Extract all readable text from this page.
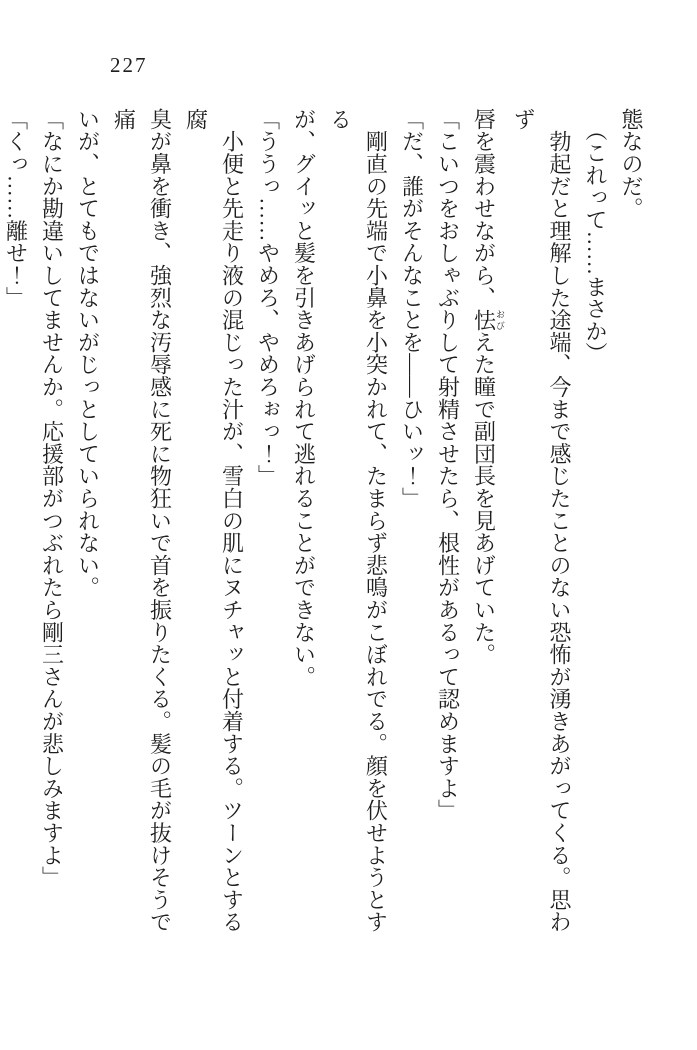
227

態なのだ。

　（これって……まさか）

　勃起だと理解した途端、今まで感じたことのない恐怖が湧きあがってくる。思わず

唇を震わせながら、怯おびえた瞳で副団長を見あげていた。

「こいつをおしゃぶりして射精させたら、根性があるって認めますよ」

「だ、誰がそんなことを――ひいッ！」

　剛直の先端で小鼻を小突かれて、たまらず悲鳴がこぼれでる。顔を伏せようとする

が、グイッと髪を引きあげられて逃れることができない。

「ううっ……やめろ、やめろぉっ！」

　小便と先走り液の混じった汁が、雪白の肌にヌチャッと付着する。ツーンとする腐

臭が鼻を衝き、強烈な汚辱感に死に物狂いで首を振りたくる。髪の毛が抜けそうで痛

いが、とてもではないがじっとしていられない。

「なにか勘違いしてませんか。応援部がつぶれたら剛三さんが悲しみますよ」

「くっ……離せ！」
